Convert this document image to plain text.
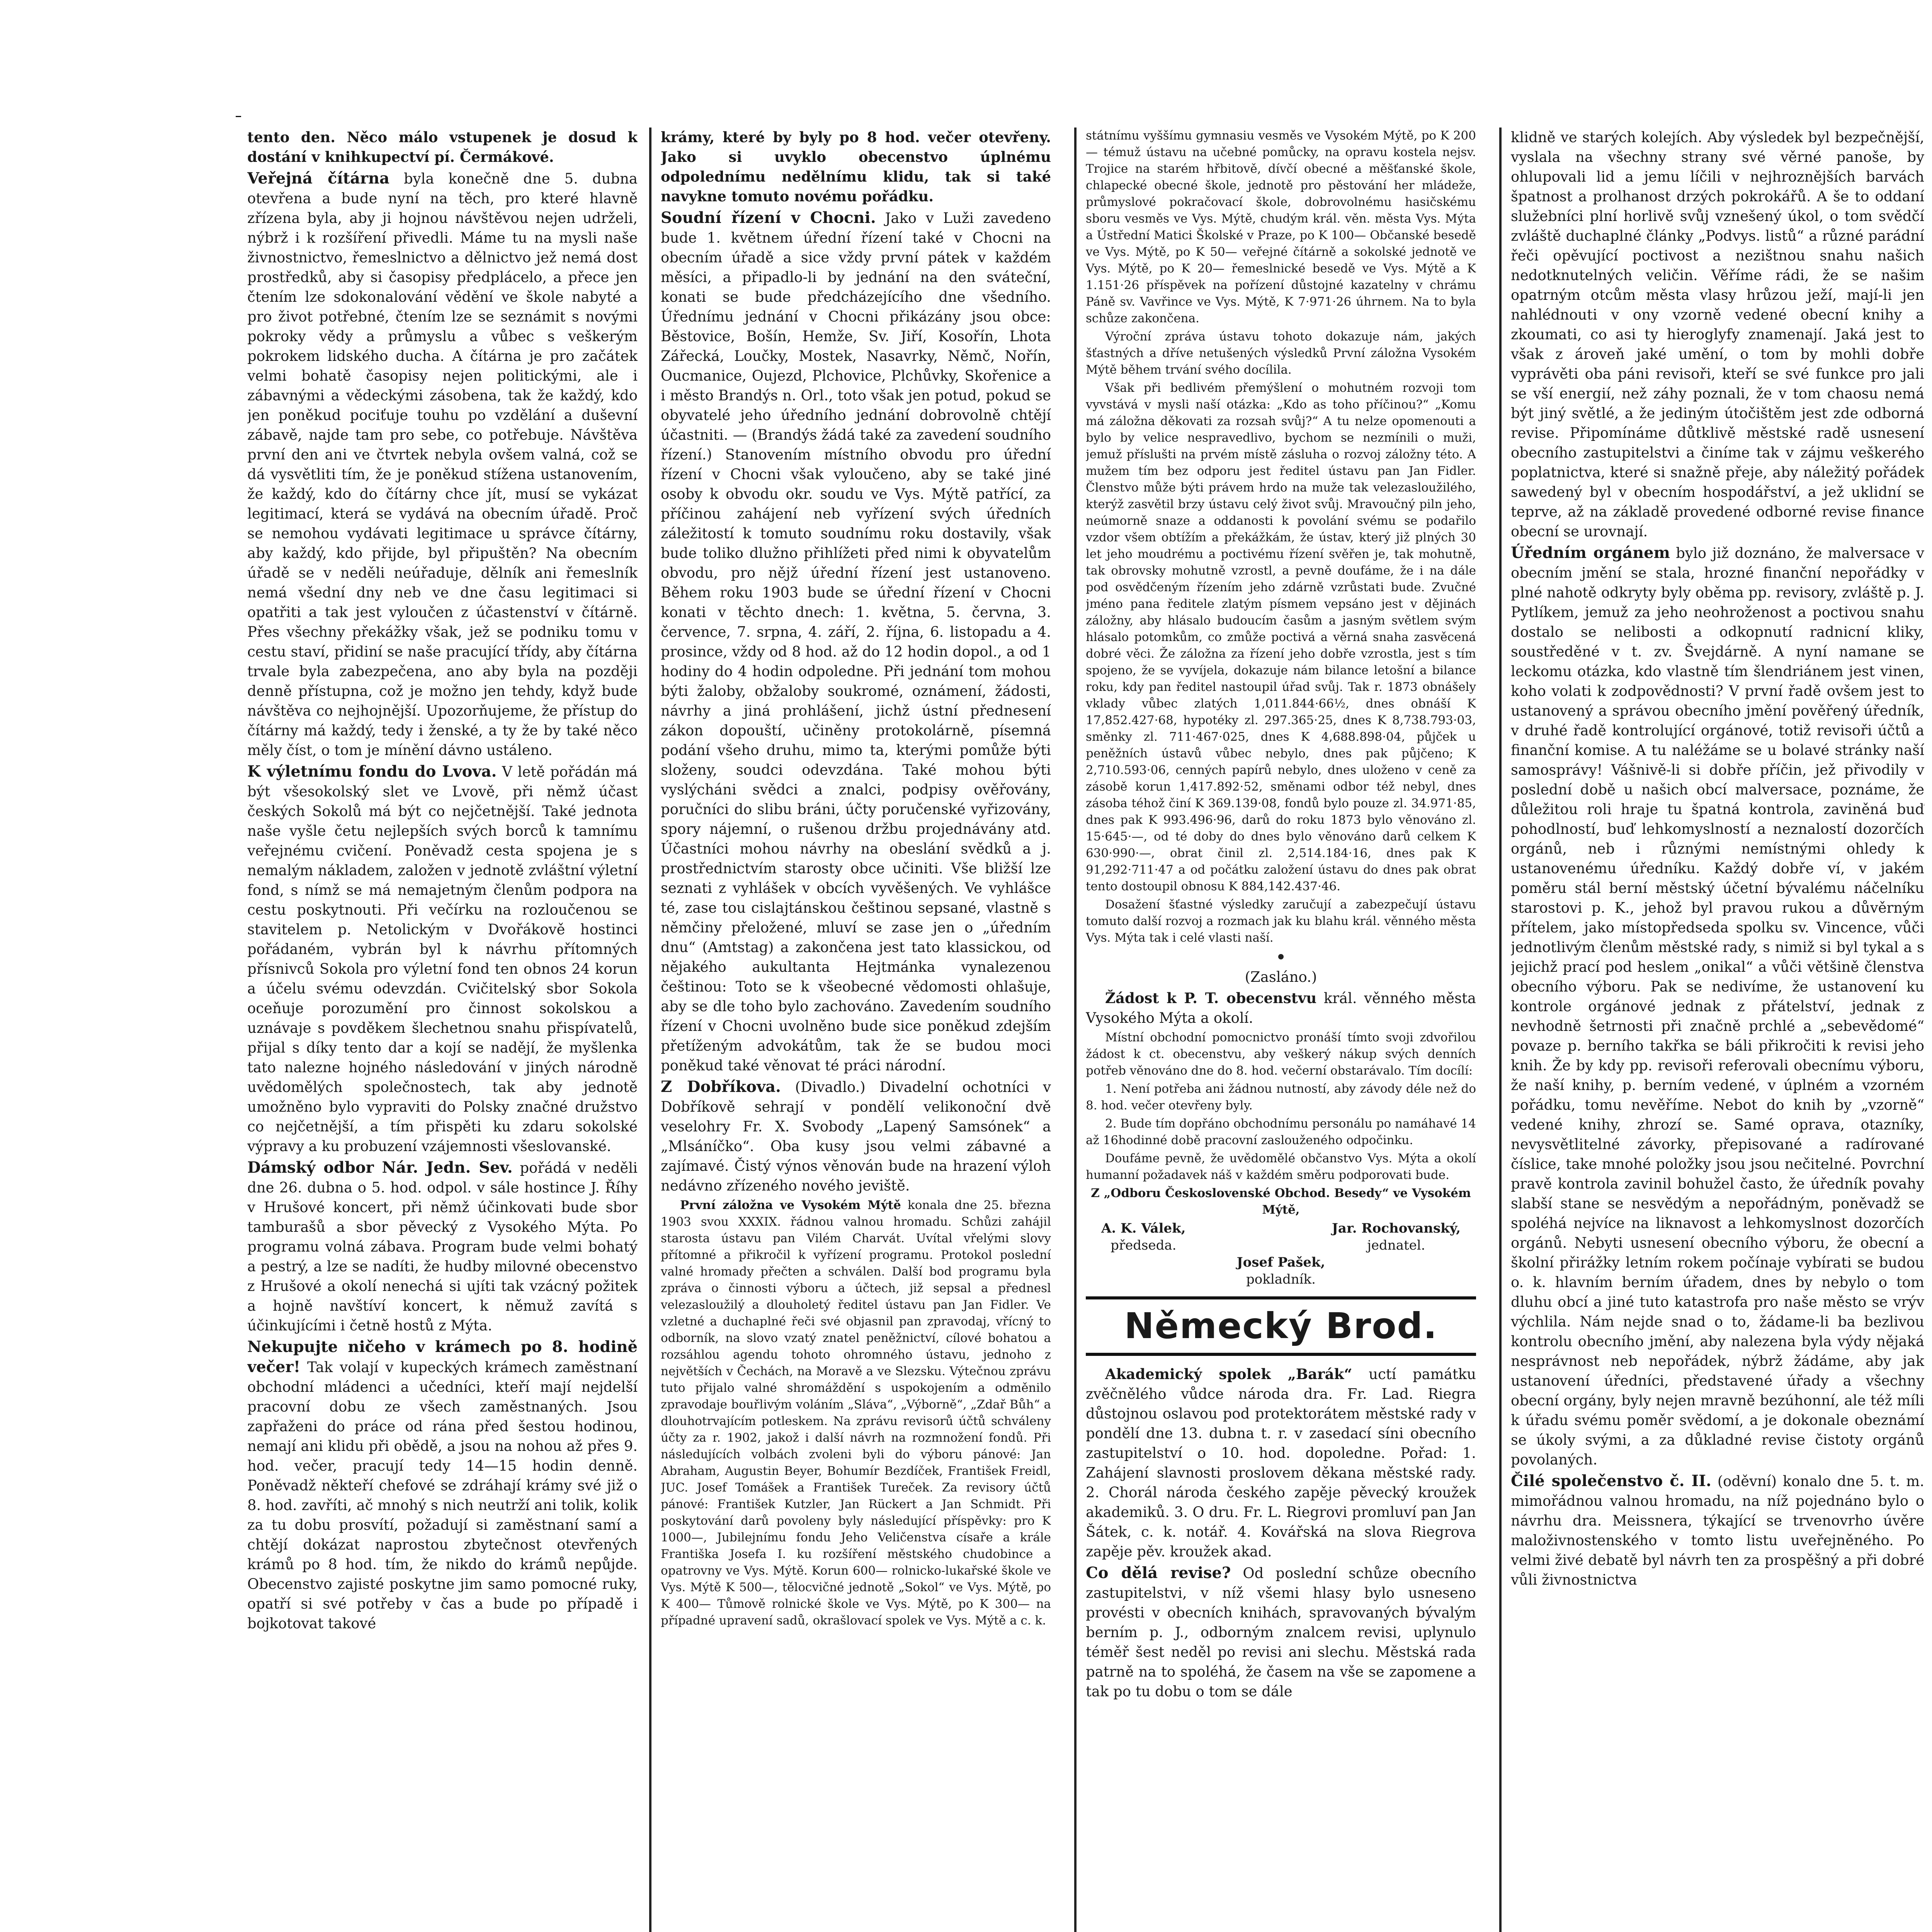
tento den. Něco málo vstupenek je dosud k dostání v knihkupectví pí. Čermákové.

Veřejná čítárna byla konečně dne 5. dubna otevřena a bude nyní na těch, pro které hlavně zřízena byla, aby ji hojnou návštěvou nejen udrželi, nýbrž i k rozšíření přivedli. Máme tu na mysli naše živnostnictvo, řemeslnictvo a dělnictvo jež nemá dost prostředků, aby si časopisy předplácelo, a přece jen čtením lze sdokonalování vědění ve škole nabyté a pro život potřebné, čtením lze se seznámit s novými pokroky vědy a průmyslu a vůbec s veškerým pokrokem lidského ducha. A čítárna je pro začátek velmi bohatě časopisy nejen politickými, ale i zábavnými a vědeckými zásobena, tak že každý, kdo jen poněkud pociťuje touhu po vzdělání a duševní zábavě, najde tam pro sebe, co potřebuje. Návštěva první den ani ve čtvrtek nebyla ovšem valná, což se dá vysvětliti tím, že je poněkud stížena ustanovením, že každý, kdo do čítárny chce jít, musí se vykázat legitimací, která se vydává na obecním úřadě. Proč se nemohou vydávati legitimace u správce čítárny, aby každý, kdo přijde, byl připuštěn? Na obecním úřadě se v neděli neúřaduje, dělník ani řemeslník nemá všední dny neb ve dne času legitimaci si opatřiti a tak jest vyloučen z účastenství v čítárně. Přes všechny překážky však, jež se podniku tomu v cestu staví, přidiní se naše pracující třídy, aby čítárna trvale byla zabezpečena, ano aby byla na později denně přístupna, což je možno jen tehdy, když bude návštěva co nejhojnější. Upozorňujeme, že přístup do čítárny má každý, tedy i ženské, a ty že by také něco měly číst, o tom je mínění dávno ustáleno.

K výletnímu fondu do Lvova. V letě pořádán má být všesokolský slet ve Lvově, při němž účast českých Sokolů má být co nejčetnější. Také jednota naše vyšle četu nejlepších svých borců k tamnímu veřejnému cvičení. Poněvadž cesta spojena je s nemalým nákladem, založen v jednotě zvláštní výletní fond, s nímž se má nemajetným členům podpora na cestu poskytnouti. Při večírku na rozloučenou se stavitelem p. Netolickým v Dvořákově hostinci pořádaném, vybrán byl k návrhu přítomných přísnivců Sokola pro výletní fond ten obnos 24 korun a účelu svému odevzdán. Cvičitelský sbor Sokola oceňuje porozumění pro činnost sokolskou a uznávaje s povděkem šlechetnou snahu přispívatelů, přijal s díky tento dar a kojí se nadějí, že myšlenka tato nalezne hojného následování v jiných národně uvědomělých společnostech, tak aby jednotě umožněno bylo vypraviti do Polsky značné družstvo co nejčetnější, a tím přispěti ku zdaru sokolské výpravy a ku probuzení vzájemnosti všeslovanské.

Dámský odbor Nár. Jedn. Sev. pořádá v neděli dne 26. dubna o 5. hod. odpol. v sále hostince J. Říhy v Hrušové koncert, při němž účinkovati bude sbor tamburašů a sbor pěvecký z Vysokého Mýta. Po programu volná zábava. Program bude velmi bohatý a pestrý, a lze se nadíti, že hudby milovné obecenstvo z Hrušové a okolí nenechá si ujíti tak vzácný požitek a hojně navštíví koncert, k němuž zavítá s účinkujícími i četně hostů z Mýta.

Nekupujte ničeho v krámech po 8. hodině večer! Tak volají v kupeckých krámech zaměstnaní obchodní mládenci a učedníci, kteří mají nejdelší pracovní dobu ze všech zaměstnaných. Jsou zapřaženi do práce od rána před šestou hodinou, nemají ani klidu při obědě, a jsou na nohou až přes 9. hod. večer, pracují tedy 14—15 hodin denně. Poněvadž někteří chefové se zdráhají krámy své již o 8. hod. zavříti, ač mnohý s nich neutrží ani tolik, kolik za tu dobu prosvítí, požadují si zaměstnaní samí a chtějí dokázat naprostou zbytečnost otevřených krámů po 8 hod. tím, že nikdo do krámů nepůjde. Obecenstvo zajisté poskytne jim samo pomocné ruky, opatří si své potřeby v čas a bude po případě i bojkotovat takové

krámy, které by byly po 8 hod. večer otevřeny. Jako si uvyklo obecenstvo úplnému odpolednímu nedělnímu klidu, tak si také navykne tomuto novému pořádku.

Soudní řízení v Chocni. Jako v Luži zavedeno bude 1. květnem úřední řízení také v Chocni na obecním úřadě a sice vždy první pátek v každém měsíci, a připadlo-li by jednání na den sváteční, konati se bude předcházejícího dne všedního. Úřednímu jednání v Chocni přikázány jsou obce: Běstovice, Bošín, Hemže, Sv. Jiří, Kosořín, Lhota Zářecká, Loučky, Mostek, Nasavrky, Němč, Nořín, Oucmanice, Oujezd, Plchovice, Plchůvky, Skořenice a i město Brandýs n. Orl., toto však jen potud, pokud se obyvatelé jeho úředního jednání dobrovolně chtějí účastniti. — (Brandýs žádá také za zavedení soudního řízení.) Stanovením místního obvodu pro úřední řízení v Chocni však vyloučeno, aby se také jiné osoby k obvodu okr. soudu ve Vys. Mýtě patřící, za příčinou zahájení neb vyřízení svých úředních záležitostí k tomuto soudnímu roku dostavily, však bude toliko dlužno přihlížeti před nimi k obyvatelům obvodu, pro nějž úřední řízení jest ustanoveno. Během roku 1903 bude se úřední řízení v Chocni konati v těchto dnech: 1. května, 5. června, 3. července, 7. srpna, 4. září, 2. října, 6. listopadu a 4. prosince, vždy od 8 hod. až do 12 hodin dopol., a od 1 hodiny do 4 hodin odpoledne. Při jednání tom mohou býti žaloby, obžaloby soukromé, oznámení, žádosti, návrhy a jiná prohlášení, jichž ústní přednesení zákon dopouští, učiněny protokolárně, písemná podání všeho druhu, mimo ta, kterými pomůže býti složeny, soudci odevzdána. Také mohou býti vyslýcháni svědci a znalci, podpisy ověřovány, poručníci do slibu bráni, účty poručenské vyřizovány, spory nájemní, o rušenou držbu projednávány atd. Účastníci mohou návrhy na obeslání svědků a j. prostřednictvím starosty obce učiniti. Vše bližší lze seznati z vyhlášek v obcích vyvěšených. Ve vyhlášce té, zase tou cislajtánskou češtinou sepsané, vlastně s němčiny přeložené, mluví se zase jen o „úředním dnu“ (Amtstag) a zakončena jest tato klassickou, od nějakého aukultanta Hejtmánka vynalezenou češtinou: Toto se k všeobecné vědomosti ohlašuje, aby se dle toho bylo zachováno. Zavedením soudního řízení v Chocni uvolněno bude sice poněkud zdejším přetíženým advokátům, tak že se budou moci poněkud také věnovat té práci národní.

Z Dobříkova. (Divadlo.) Divadelní ochotníci v Dobříkově sehrají v pondělí velikonoční dvě veselohry Fr. X. Svobody „Lapený Samsónek“ a „Mlsáníčko“. Oba kusy jsou velmi zábavné a zajímavé. Čistý výnos věnován bude na hrazení výloh nedávno zřízeného nového jeviště.

První záložna ve Vysokém Mýtě konala dne 25. března 1903 svou XXXIX. řádnou valnou hromadu. Schůzi zahájil starosta ústavu pan Vilém Charvát. Uvítal vřelými slovy přítomné a přikročil k vyřízení programu. Protokol poslední valné hromady přečten a schválen. Další bod programu byla zpráva o činnosti výboru a účtech, již sepsal a přednesl velezasloužilý a dlouholetý ředitel ústavu pan Jan Fidler. Ve vzletné a duchaplné řeči své objasnil pan zpravodaj, vřícný to odborník, na slovo vzatý znatel peněžnictví, cílové bohatou a rozsáhlou agendu tohoto ohromného ústavu, jednoho z největších v Čechách, na Moravě a ve Slezsku. Výtečnou zprávu tuto přijalo valné shromáždění s uspokojením a odměnilo zpravodaje bouřlivým voláním „Sláva“, „Výborně“, „Zdař Bůh“ a dlouhotrvajícím potleskem. Na zprávu revisorů účtů schváleny účty za r. 1902, jakož i další návrh na rozmnožení fondů. Při následujících volbách zvoleni byli do výboru pánové: Jan Abraham, Augustin Beyer, Bohumír Bezdíček, František Freidl, JUC. Josef Tomášek a František Tureček. Za revisory účtů pánové: František Kutzler, Jan Rückert a Jan Schmidt. Při poskytování darů povoleny byly následující příspěvky: pro K 1000—, Jubilejnímu fondu Jeho Veličenstva císaře a krále Františka Josefa I. ku rozšíření městského chudobince a opatrovny ve Vys. Mýtě. Korun 600— rolnicko-lukařské škole ve Vys. Mýtě K 500—, tělocvičné jednotě „Sokol“ ve Vys. Mýtě, po K 400— Tůmově rolnické škole ve Vys. Mýtě, po K 300— na případné upravení sadů, okrašlovací spolek ve Vys. Mýtě a c. k.

státnímu vyššímu gymnasiu vesměs ve Vysokém Mýtě, po K 200— témuž ústavu na učebné pomůcky, na opravu kostela nejsv. Trojice na starém hřbitově, dívčí obecné a měšťanské škole, chlapecké obecné škole, jednotě pro pěstování her mládeže, průmyslové pokračovací škole, dobrovolnému hasičskému sboru vesměs ve Vys. Mýtě, chudým král. věn. města Vys. Mýta a Ústřední Matici Školské v Praze, po K 100— Občanské besedě ve Vys. Mýtě, po K 50— veřejné čítárně a sokolské jednotě ve Vys. Mýtě, po K 20— řemeslnické besedě ve Vys. Mýtě a K 1.151·26 příspěvek na pořízení důstojné kazatelny v chrámu Páně sv. Vavřince ve Vys. Mýtě, K 7·971·26 úhrnem. Na to byla schůze zakončena.

Výroční zpráva ústavu tohoto dokazuje nám, jakých šťastných a dříve netušených výsledků První záložna Vysokém Mýtě během trvání svého docílila.

Však při bedlivém přemýšlení o mohutném rozvoji tom vyvstává v mysli naší otázka: „Kdo as toho příčinou?“ „Komu má záložna děkovati za rozsah svůj?“ A tu nelze opomenouti a bylo by velice nespravedlivo, bychom se nezmínili o muži, jemuž příslušti na prvém místě zásluha o rozvoj záložny této. A mužem tím bez odporu jest ředitel ústavu pan Jan Fidler. Členstvo může býti právem hrdo na muže tak velezasloužilého, kterýž zasvětil brzy ústavu celý život svůj. Mravoučný piln jeho, neúmorně snaze a oddanosti k povolání svému se podařilo vzdor všem obtížím a překážkám, že ústav, který již plných 30 let jeho moudrému a poctivému řízení svěřen je, tak mohutně, tak obrovsky mohutně vzrostl, a pevně doufáme, že i na dále pod osvědčeným řízením jeho zdárně vzrůstati bude. Zvučné jméno pana ředitele zlatým písmem vepsáno jest v dějinách záložny, aby hlásalo budoucím časům a jasným světlem svým hlásalo potomkům, co zmůže poctivá a věrná snaha zasvěcená dobré věci. Že záložna za řízení jeho dobře vzrostla, jest s tím spojeno, že se vyvíjela, dokazuje nám bilance letošní a bilance roku, kdy pan ředitel nastoupil úřad svůj. Tak r. 1873 obnášely vklady vůbec zlatých 1,011.844·66½, dnes obnáší K 17,852.427·68, hypotéky zl. 297.365·25, dnes K 8,738.793·03, směnky zl. 711·467·025, dnes K 4,688.898·04, půjček u peněžních ústavů vůbec nebylo, dnes pak půjčeno; K 2,710.593·06, cenných papírů nebylo, dnes uloženo v ceně za zásobě korun 1,417.892·52, směnami odbor též nebyl, dnes zásoba téhož činí K 369.139·08, fondů bylo pouze zl. 34.971·85, dnes pak K 993.496·96, darů do roku 1873 bylo věnováno zl. 15·645·—, od té doby do dnes bylo věnováno darů celkem K 630·990·—, obrat činil zl. 2,514.184·16, dnes pak K 91,292·711·47 a od počátku založení ústavu do dnes pak obrat tento dostoupil obnosu K 884,142.437·46.

Dosažení šťastné výsledky zaručují a zabezpečují ústavu tomuto další rozvoj a rozmach jak ku blahu král. věnného města Vys. Mýta tak i celé vlasti naší.

(Zasláno.)

Žádost k P. T. obecenstvu král. věnného města Vysokého Mýta a okolí.

Místní obchodní pomocnictvo pronáší tímto svoji zdvořilou žádost k ct. obecenstvu, aby veškerý nákup svých denních potřeb věnováno dne do 8. hod. večerní obstarávalo. Tím docílí:

1. Není potřeba ani žádnou nutností, aby závody déle než do 8. hod. večer otevřeny byly.

2. Bude tím dopřáno obchodnímu personálu po namáhavé 14 až 16hodinné době pracovní zaslouženého odpočinku.

Doufáme pevně, že uvědomělé občanstvo Vys. Mýta a okolí humanní požadavek náš v každém směru podporovati bude.

Z „Odboru Československé Obchod. Besedy“ ve Vysokém Mýtě,

A. K. Válek,
předseda.
Jar. Rochovanský,
jednatel.
Josef Pašek,
pokladník.
Německý Brod.

Akademický spolek „Barák“ uctí památku zvěčnělého vůdce národa dra. Fr. Lad. Riegra důstojnou oslavou pod protektorátem městské rady v pondělí dne 13. dubna t. r. v zasedací síni obecního zastupitelství o 10. hod. dopoledne. Pořad: 1. Zahájení slavnosti proslovem děkana městské rady. 2. Chorál národa českého zapěje pěvecký kroužek akademiků. 3. O dru. Fr. L. Riegrovi promluví pan Jan Šátek, c. k. notář. 4. Kovářská na slova Riegrova zapěje pěv. kroužek akad.

Co dělá revise? Od poslední schůze obecního zastupitelstvi, v níž všemi hlasy bylo usneseno provésti v obecních knihách, spravovaných bývalým berním p. J., odborným znalcem revisi, uplynulo téměř šest neděl po revisi ani slechu. Městská rada patrně na to spoléhá, že časem na vše se zapomene a tak po tu dobu o tom se dále

klidně ve starých kolejích. Aby výsledek byl bezpečnější, vyslala na všechny strany své věrné panoše, by ohlupovali lid a jemu líčili v nejhroznějších barvách špatnost a prolhanost drzých pokrokářů. A še to oddaní služebníci plní horlivě svůj vznešený úkol, o tom svědčí zvláště duchaplné články „Podvys. listů“ a různé parádní řeči opěvující poctivost a nezištnou snahu našich nedotknutelných veličin. Věříme rádi, že se našim opatrným otcům města vlasy hrůzou ježí, mají-li jen nahlédnouti v ony vzorně vedené obecní knihy a zkoumati, co asi ty hieroglyfy znamenají. Jaká jest to však z ároveň jaké umění, o tom by mohli dobře vyprávěti oba páni revisoři, kteří se své funkce pro jali se vší energií, než záhy poznali, že v tom chaosu nemá být jiný světlé, a že jediným útočištěm jest zde odborná revise. Připomínáme důtklivě městské radě usnesení obecního zastupitelstvi a činíme tak v zájmu veškerého poplatnictva, které si snažně přeje, aby náležitý pořádek sawedený byl v obecním hospodářství, a jež uklidní se teprve, až na základě provedené odborné revise finance obecní se urovnají.

Úředním orgánem bylo již doznáno, že malversace v obecním jmění se stala, hrozné finanční nepořádky v plné nahotě odkryty byly oběma pp. revisory, zvláště p. J. Pytlíkem, jemuž za jeho neohroženost a poctivou snahu dostalo se nelibosti a odkopnutí radnicní kliky, soustředěné v t. zv. Švejdárně. A nyní namane se leckomu otázka, kdo vlastně tím šlendriánem jest vinen, koho volati k zodpovědnosti? V první řadě ovšem jest to ustanovený a správou obecního jmění pověřený úředník, v druhé řadě kontrolující orgánové, totiž revisoři účtů a finanční komise. A tu naléžáme se u bolavé stránky naší samosprávy! Vášnivě-li si dobře příčin, jež přivodily v poslední době u našich obcí malversace, poznáme, že důležitou roli hraje tu špatná kontrola, zaviněná buď pohodlností, buď lehkomyslností a neznalostí dozorčích orgánů, neb i různými nemístnými ohledy k ustanovenému úředníku. Každý dobře ví, v jakém poměru stál berní městský účetní bývalému náčelníku starostovi p. K., jehož byl pravou rukou a důvěrným přítelem, jako místopředseda spolku sv. Vincence, vůči jednotlivým členům městské rady, s nimiž si byl tykal a s jejichž prací pod heslem „onikal“ a vůči většině členstva obecního výboru. Pak se nedivíme, že ustanovení ku kontrole orgánové jednak z přátelství, jednak z nevhodně šetrnosti při značně prchlé a „sebevědomé“ povaze p. berního takřka se báli přikročiti k revisi jeho knih. Že by kdy pp. revisoři referovali obecnímu výboru, že naší knihy, p. berním vedené, v úplném a vzorném pořádku, tomu nevěříme. Nebot do knih by „vzorně“ vedené knihy, zhrozí se. Samé oprava, otazníky, nevysvětlitelné závorky, přepisované a radírované číslice, take mnohé položky jsou jsou nečitelné. Povrchní pravě kontrola zavinil bohužel často, že úředník povahy slabší stane se nesvědým a nepořádným, poněvadž se spoléhá nejvíce na liknavost a lehkomyslnost dozorčích orgánů. Nebyti usnesení obecního výboru, že obecní a školní přirážky letním rokem počínaje vybírati se budou o. k. hlavním berním úřadem, dnes by nebylo o tom dluhu obcí a jiné tuto katastrofa pro naše město se vrýv výchlila. Nám nejde snad o to, žádame-li ba bezlivou kontrolu obecního jmění, aby nalezena byla výdy nějaká nesprávnost neb nepořádek, nýbrž žádáme, aby jak ustanovení úředníci, představené úřady a všechny obecní orgány, byly nejen mravně bezúhonní, ale též míli k úřadu svému poměr svědomí, a je dokonale obeznámí se úkoly svými, a za důkladné revise čistoty orgánů povolaných.

Čilé společenstvo č. II. (oděvní) konalo dne 5. t. m. mimořádnou valnou hromadu, na níž pojednáno bylo o návrhu dra. Meissnera, týkající se trvenovrho úvěre maloživnostenského v tomto listu uveřejněného. Po velmi živé debatě byl návrh ten za prospěšný a při dobré vůli živnostnictva
